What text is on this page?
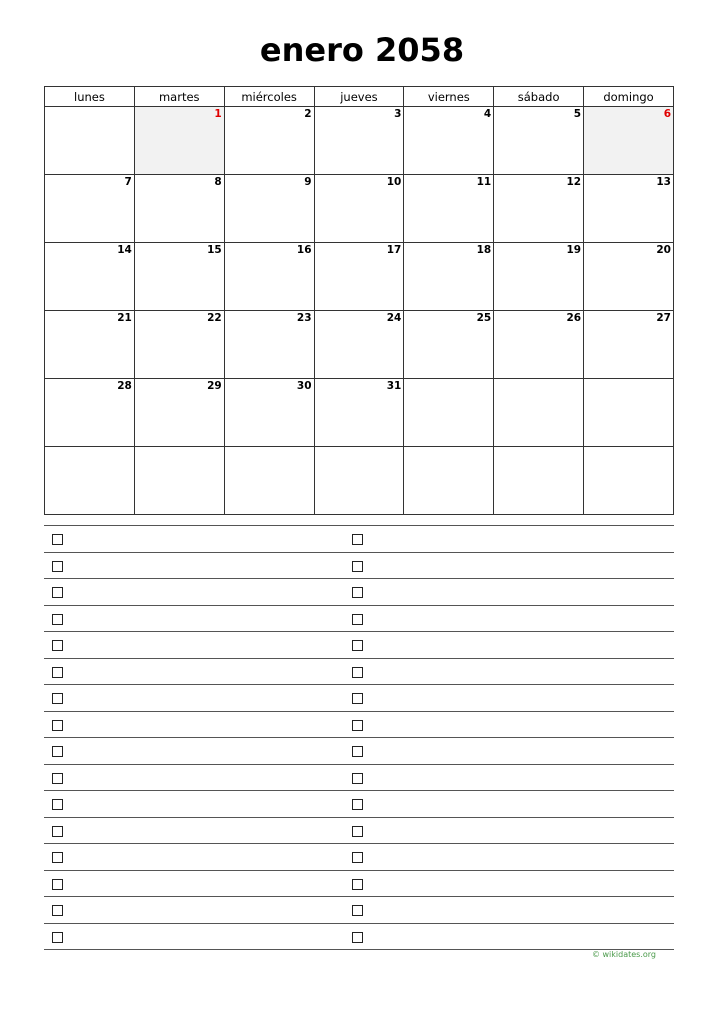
enero 2058
lunes	martes	miércoles	jueves	viernes	sábado	domingo

	1	2	3	4	5	6

7	8	9	10	11	12	13

14	15	16	17	18	19	20

21	22	23	24	25	26	27

28	29	30	31			

© wikidates.org
